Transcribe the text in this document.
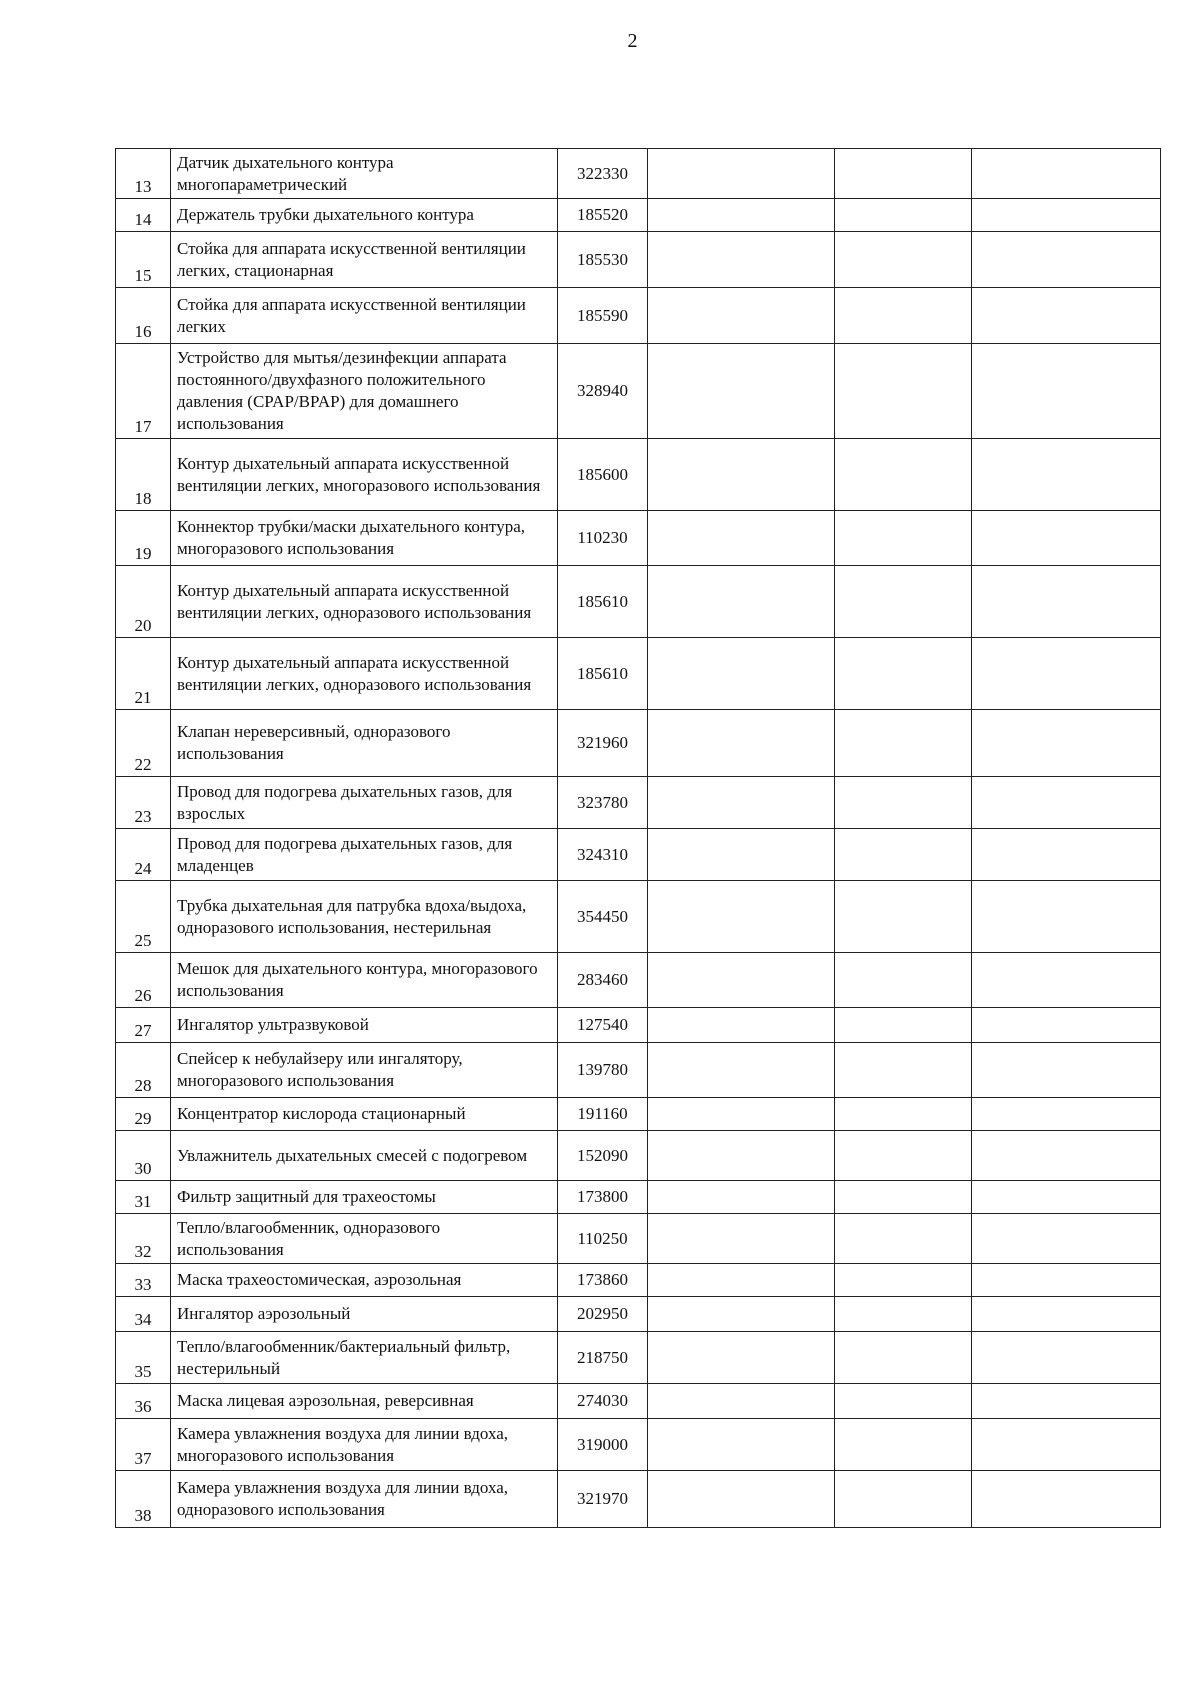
2
13	Датчик дыхательного контура многопараметрический	322330			
14	Держатель трубки дыхательного контура	185520			
15	Стойка для аппарата искусственной вентиляции легких, стационарная	185530			
16	Стойка для аппарата искусственной вентиляции легких	185590			
17	Устройство для мытья/дезинфекции аппарата постоянного/двухфазного положительного давления (CPAP/BPAP) для домашнего использования	328940			
18	Контур дыхательный аппарата искусственной вентиляции легких, многоразового использования	185600			
19	Коннектор трубки/маски дыхательного контура, многоразового использования	110230			
20	Контур дыхательный аппарата искусственной вентиляции легких, одноразового использования	185610			
21	Контур дыхательный аппарата искусственной вентиляции легких, одноразового использования	185610			
22	Клапан нереверсивный, одноразового использования	321960			
23	Провод для подогрева дыхательных газов, для взрослых	323780			
24	Провод для подогрева дыхательных газов, для младенцев	324310			
25	Трубка дыхательная для патрубка вдоха/выдоха, одноразового использования, нестерильная	354450			
26	Мешок для дыхательного контура, многоразового использования	283460			
27	Ингалятор ультразвуковой	127540			
28	Спейсер к небулайзеру или ингалятору, многоразового использования	139780			
29	Концентратор кислорода стационарный	191160			
30	Увлажнитель дыхательных смесей с подогревом	152090			
31	Фильтр защитный для трахеостомы	173800			
32	Тепло/влагообменник, одноразового использования	110250			
33	Маска трахеостомическая, аэрозольная	173860			
34	Ингалятор аэрозольный	202950			
35	Тепло/влагообменник/бактериальный фильтр, нестерильный	218750			
36	Маска лицевая аэрозольная, реверсивная	274030			
37	Камера увлажнения воздуха для линии вдоха, многоразового использования	319000			
38	Камера увлажнения воздуха для линии вдоха, одноразового использования	321970			
